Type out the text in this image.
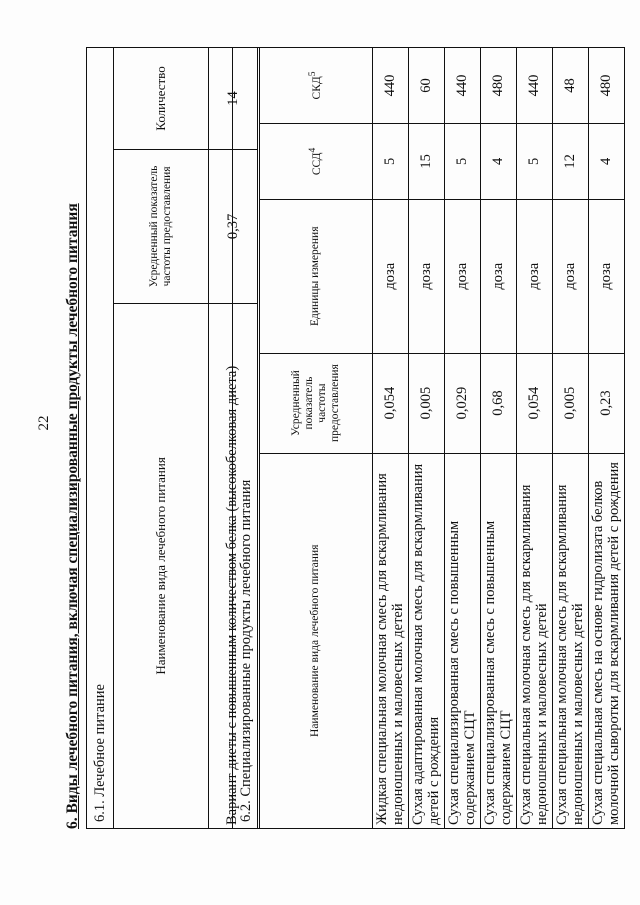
22 6. Виды лечебного питания, включая специализированные продукты лечебного питания 6.1. Лечебное питание		
Наименование вида лечебного питания	Усредненный показатель частоты предоставления	Количество
Вариант диеты с повышенным количеством белка (высокобелковая диета)	0,37	14
6.2. Специализированные продукты лечебного питания				
Наименование вида лечебного питания	Усредненный показатель частоты предоставления	Единицы измерения	ССД$^4$	СКД$^5$
Жидкая специальная молочная смесь для вскармливания недоношенных и маловесных детей	0,054	доза	5	440
Сухая адаптированная молочная смесь для вскармливания детей с рождения	0,005	доза	15	60
Сухая специализированная смесь с повышенным содержанием СЦТ	0,029	доза	5	440
Сухая специализированная смесь с повышенным содержанием СЦТ	0,68	доза	4	480
Сухая специальная молочная смесь для вскармливания недоношенных и маловесных детей	0,054	доза	5	440
Сухая специальная молочная смесь для вскармливания недоношенных и маловесных детей	0,005	доза	12	48
Сухая специальная смесь на основе гидролизата белков молочной сыворотки для вскармливания детей с рождения	0,23	доза	4	480
